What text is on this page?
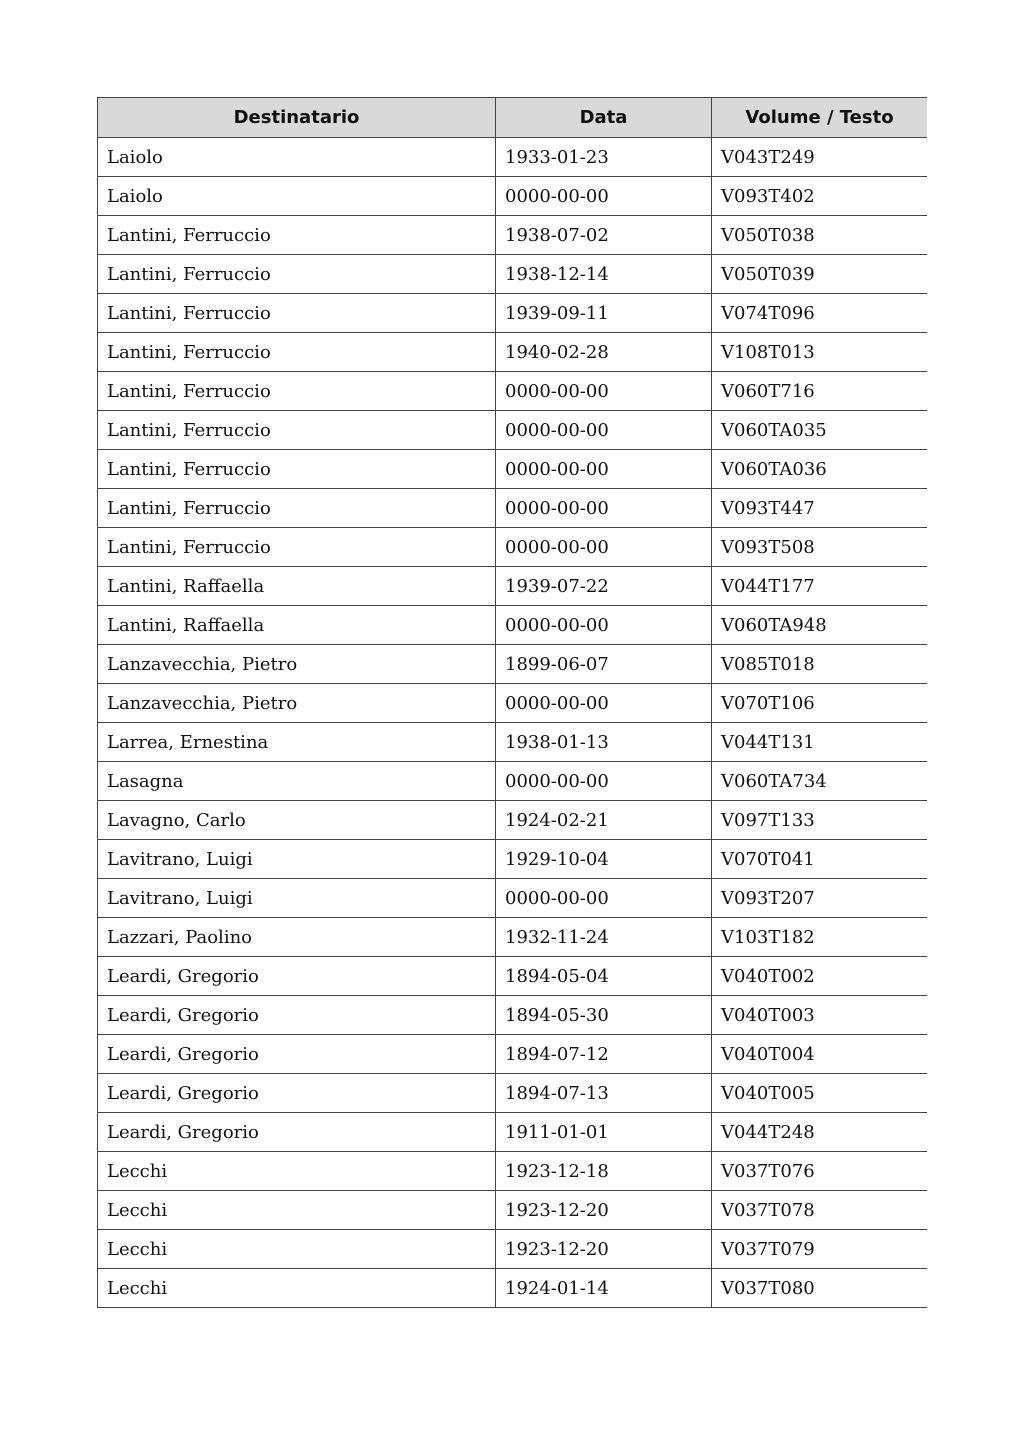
Destinatario	Data	Volume / Testo
Laiolo	1933-01-23	V043T249
Laiolo	0000-00-00	V093T402
Lantini, Ferruccio	1938-07-02	V050T038
Lantini, Ferruccio	1938-12-14	V050T039
Lantini, Ferruccio	1939-09-11	V074T096
Lantini, Ferruccio	1940-02-28	V108T013
Lantini, Ferruccio	0000-00-00	V060T716
Lantini, Ferruccio	0000-00-00	V060TA035
Lantini, Ferruccio	0000-00-00	V060TA036
Lantini, Ferruccio	0000-00-00	V093T447
Lantini, Ferruccio	0000-00-00	V093T508
Lantini, Raffaella	1939-07-22	V044T177
Lantini, Raffaella	0000-00-00	V060TA948
Lanzavecchia, Pietro	1899-06-07	V085T018
Lanzavecchia, Pietro	0000-00-00	V070T106
Larrea, Ernestina	1938-01-13	V044T131
Lasagna	0000-00-00	V060TA734
Lavagno, Carlo	1924-02-21	V097T133
Lavitrano, Luigi	1929-10-04	V070T041
Lavitrano, Luigi	0000-00-00	V093T207
Lazzari, Paolino	1932-11-24	V103T182
Leardi, Gregorio	1894-05-04	V040T002
Leardi, Gregorio	1894-05-30	V040T003
Leardi, Gregorio	1894-07-12	V040T004
Leardi, Gregorio	1894-07-13	V040T005
Leardi, Gregorio	1911-01-01	V044T248
Lecchi	1923-12-18	V037T076
Lecchi	1923-12-20	V037T078
Lecchi	1923-12-20	V037T079
Lecchi	1924-01-14	V037T080
